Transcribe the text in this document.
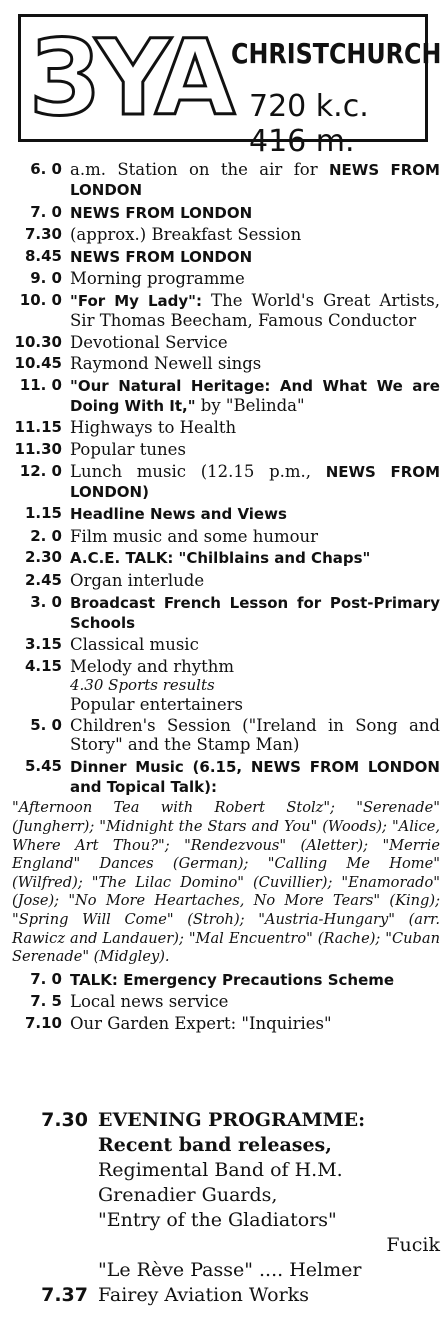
3YA CHRISTCHURCH
720 k.c. 416 m.
6. 0 a.m. Station on the air for NEWS FROM LONDON
7. 0 NEWS FROM LONDON
7.30 (approx.) Breakfast Session
8.45 NEWS FROM LONDON
9. 0 Morning programme
10. 0 "For My Lady": The World's Great Artists, Sir Thomas Beecham, Famous Conductor
10.30 Devotional Service
10.45 Raymond Newell sings
11. 0 "Our Natural Heritage: And What We are Doing With It," by "Belinda"
11.15 Highways to Health
11.30 Popular tunes
12. 0 Lunch music (12.15 p.m., NEWS FROM LONDON)
1.15 Headline News and Views
2. 0 Film music and some humour
2.30 A.C.E. TALK: "Chilblains and Chaps"
2.45 Organ interlude
3. 0 Broadcast French Lesson for Post-Primary Schools
3.15 Classical music
4.15 Melody and rhythm
4.30 Sports results
Popular entertainers
5. 0 Children's Session ("Ireland in Song and Story" and the Stamp Man)
5.45 Dinner Music (6.15, NEWS FROM LONDON and Topical Talk):
"Afternoon Tea with Robert Stolz"; "Serenade" (Jungherr); "Midnight the Stars and You" (Woods); "Alice, Where Art Thou?"; "Rendezvous" (Aletter); "Merrie England" Dances (German); "Calling Me Home" (Wilfred); "The Lilac Domino" (Cuvillier); "Enamorado" (Jose); "No More Heartaches, No More Tears" (King); "Spring Will Come" (Stroh); "Austria-Hungary" (arr. Rawicz and Landauer); "Mal Encuentro" (Rache); "Cuban Serenade" (Midgley).
7. 0 TALK: Emergency Precautions Scheme
7. 5 Local news service
7.10 Our Garden Expert: "Inquiries"
7.30 EVENING PROGRAMME:
Recent band releases,
Regimental Band of H.M. Grenadier Guards,
"Entry of the Gladiators"
Fucik
"Le Rève Passe" .... Helmer
7.37 Fairey Aviation Works
